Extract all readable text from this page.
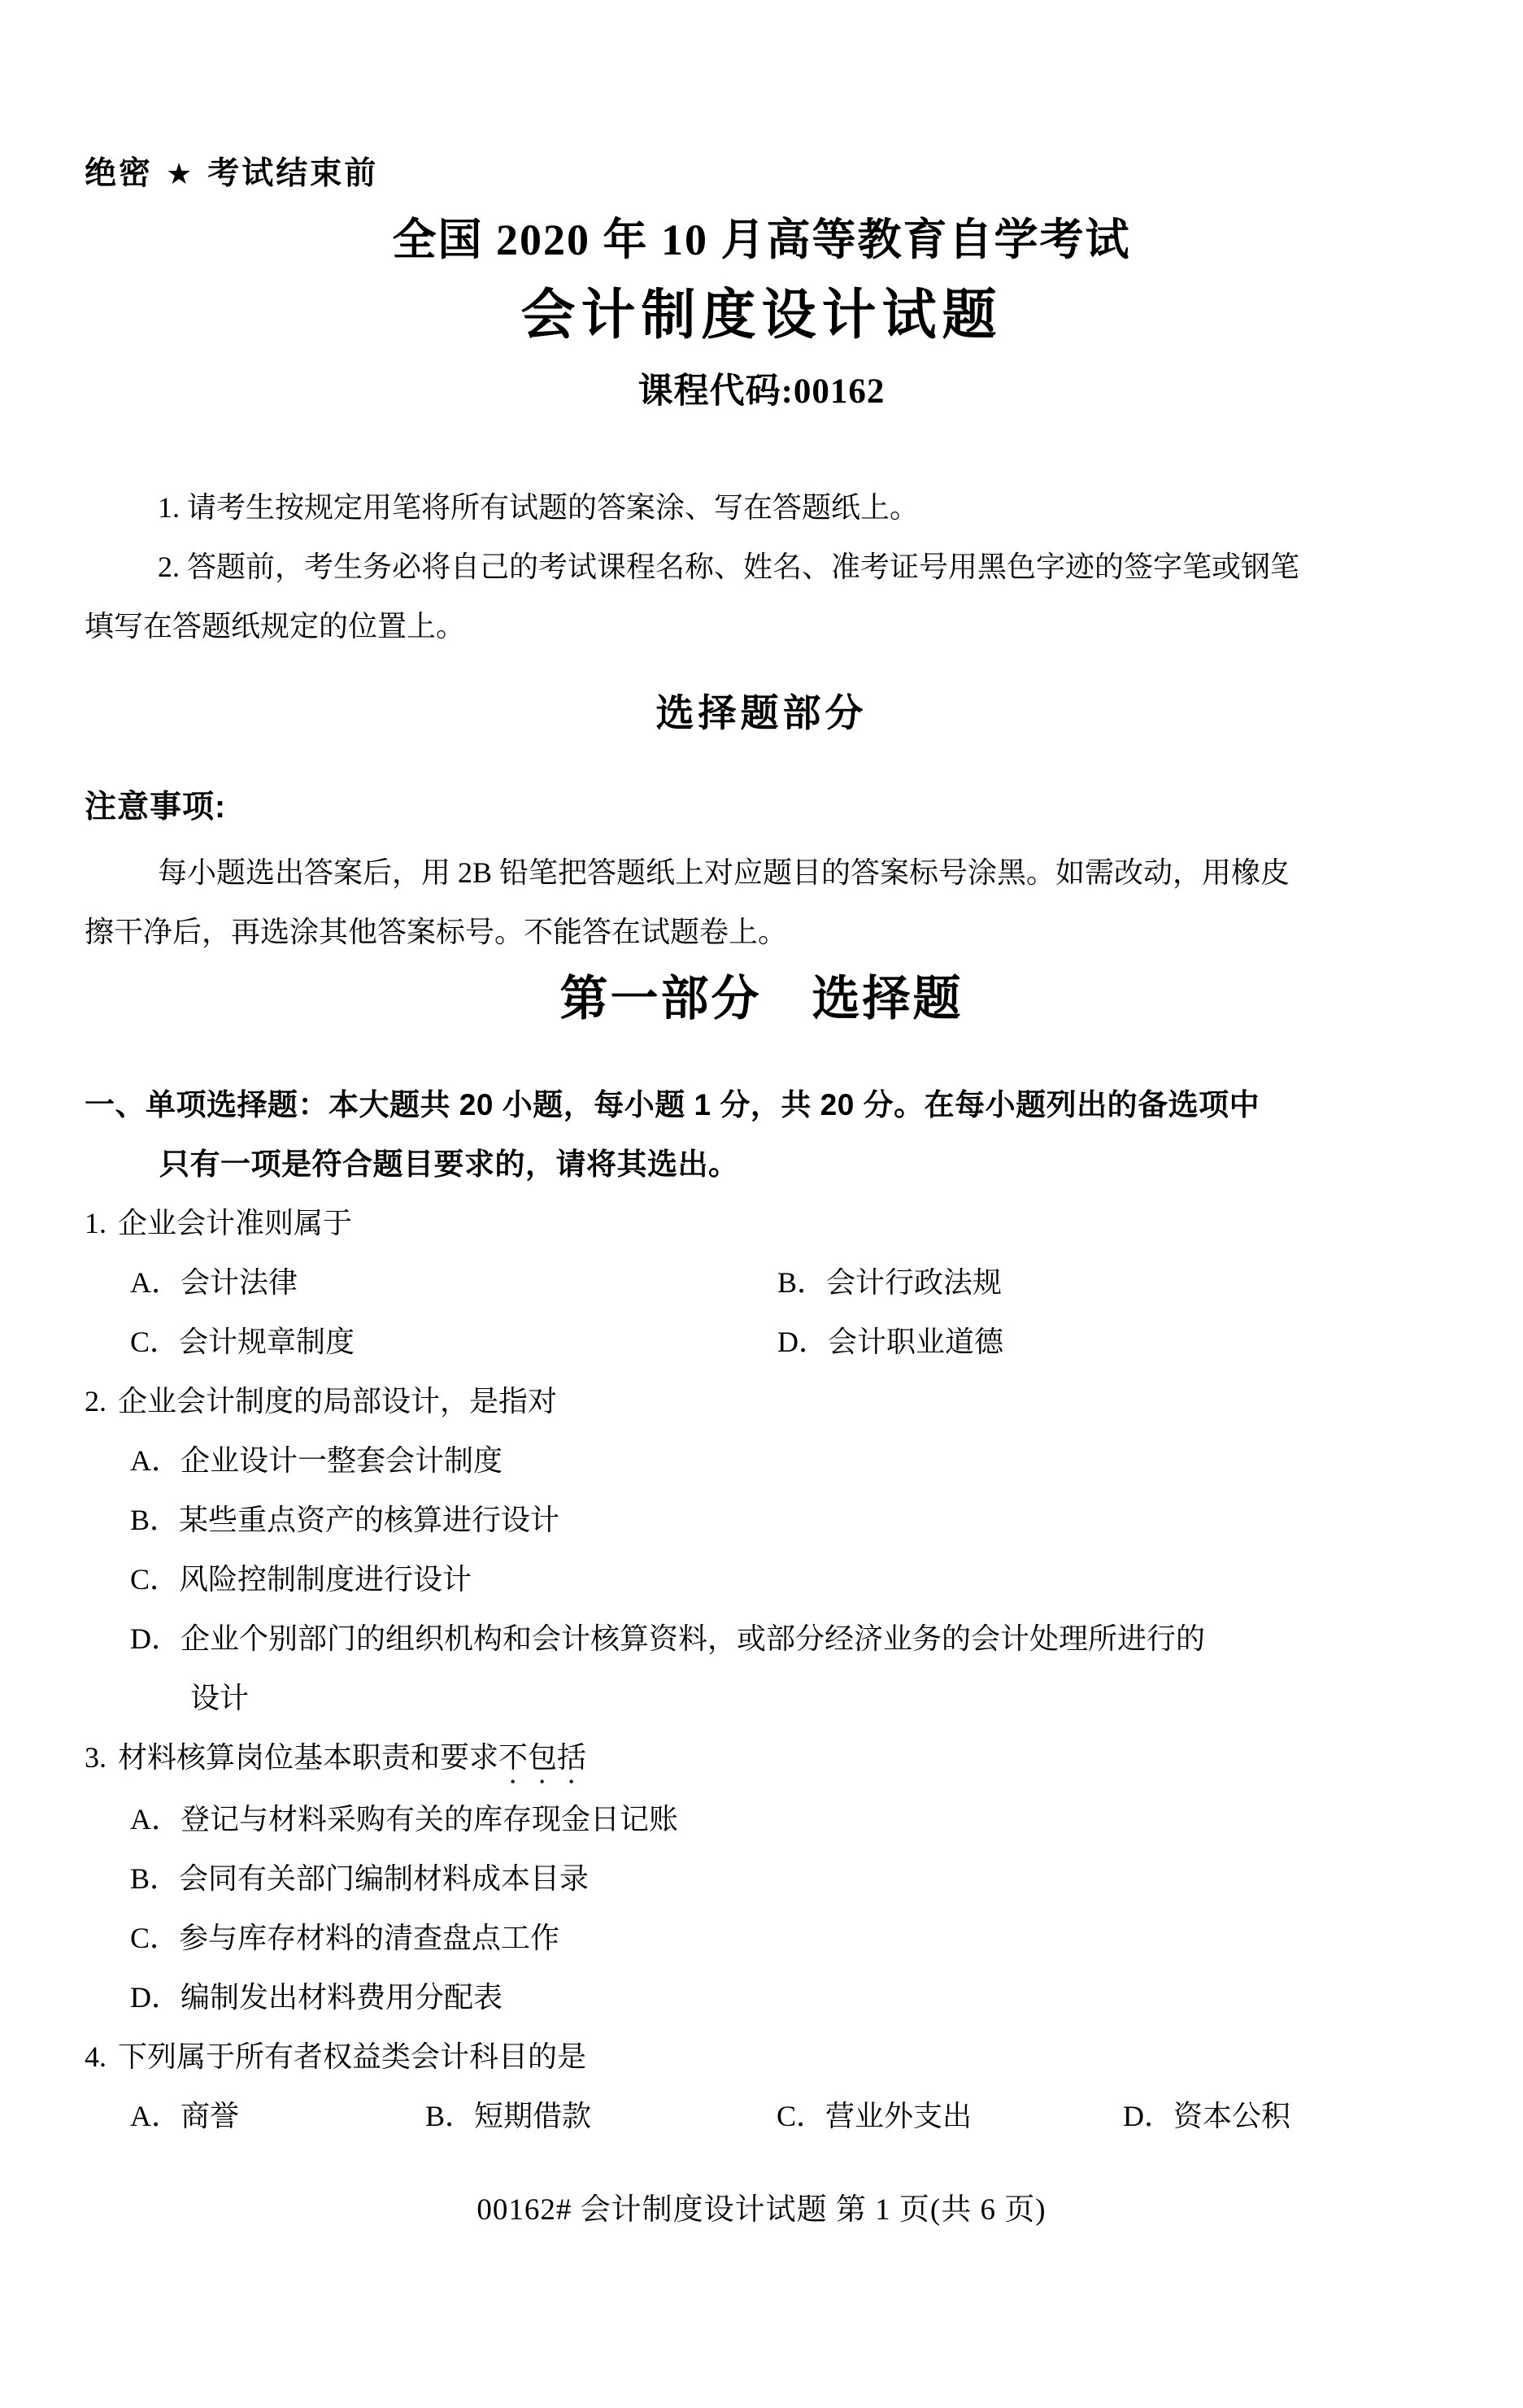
绝密 ★ 考试结束前

全国 2020 年 10 月高等教育自学考试

会计制度设计试题

课程代码:00162

1. 请考生按规定用笔将所有试题的答案涂、写在答题纸上。

2. 答题前，考生务必将自己的考试课程名称、姓名、准考证号用黑色字迹的签字笔或钢笔
填写在答题纸规定的位置上。

选择题部分

注意事项:

每小题选出答案后，用 2B 铅笔把答题纸上对应题目的答案标号涂黑。如需改动，用橡皮
擦干净后，再选涂其他答案标号。不能答在试题卷上。

第一部分　选择题

一、单项选择题：本大题共 20 小题，每小题 1 分，共 20 分。在每小题列出的备选项中
只有一项是符合题目要求的，请将其选出。

1. 企业会计准则属于
A．会计法律	B．会计行政法规
C．会计规章制度	D．会计职业道德
2. 企业会计制度的局部设计，是指对
A．企业设计一整套会计制度
B．某些重点资产的核算进行设计
C．风险控制制度进行设计
D．企业个别部门的组织机构和会计核算资料，或部分经济业务的会计处理所进行的
设计
3. 材料核算岗位基本职责和要求不包括
A．登记与材料采购有关的库存现金日记账
B．会同有关部门编制材料成本目录
C．参与库存材料的清查盘点工作
D．编制发出材料费用分配表
4. 下列属于所有者权益类会计科目的是
A．商誉	B．短期借款	C．营业外支出	D．资本公积
00162# 会计制度设计试题 第 1 页(共 6 页)
